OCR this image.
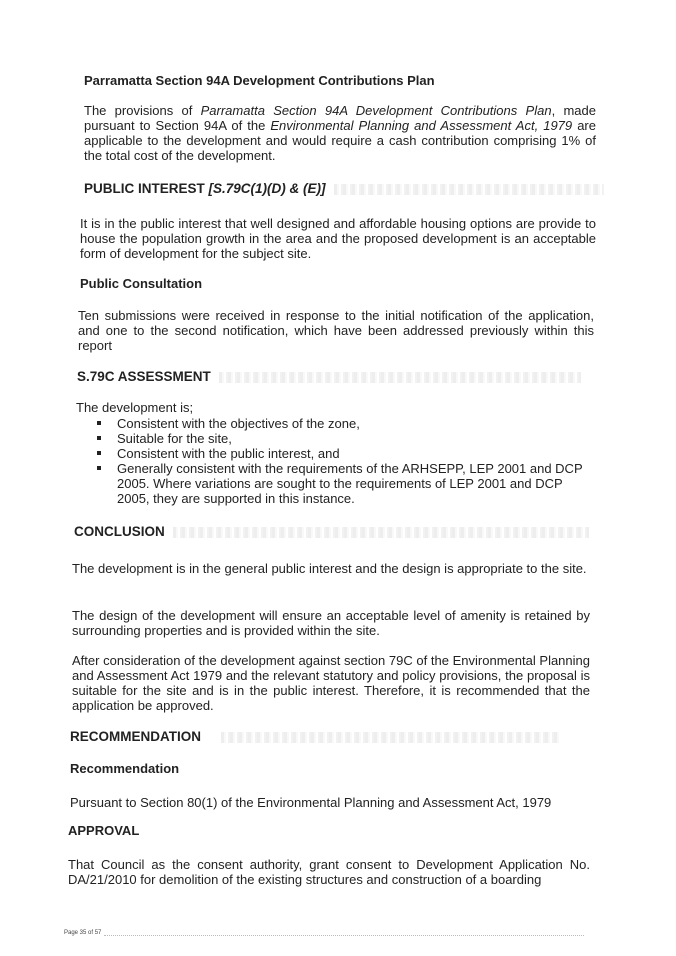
Parramatta Section 94A Development Contributions Plan

The provisions of Parramatta Section 94A Development Contributions Plan, made pursuant to Section 94A of the Environmental Planning and Assessment Act, 1979 are applicable to the development and would require a cash contribution comprising 1% of the total cost of the development.

PUBLIC INTEREST [S.79C(1)(D) & (E)]

It is in the public interest that well designed and affordable housing options are provide to house the population growth in the area and the proposed development is an acceptable form of development for the subject site.

Public Consultation

Ten submissions were received in response to the initial notification of the application, and one to the second notification, which have been addressed previously within this report

S.79C ASSESSMENT
The development is;
Consistent with the objectives of the zone,
Suitable for the site,
Consistent with the public interest, and
Generally consistent with the requirements of the ARHSEPP, LEP 2001 and DCP 2005. Where variations are sought to the requirements of LEP 2001 and DCP 2005, they are supported in this instance.
CONCLUSION

The development is in the general public interest and the design is appropriate to the site.

The design of the development will ensure an acceptable level of amenity is retained by surrounding properties and is provided within the site.

After consideration of the development against section 79C of the Environmental Planning and Assessment Act 1979 and the relevant statutory and policy provisions, the proposal is suitable for the site and is in the public interest. Therefore, it is recommended that the application be approved.

RECOMMENDATION
Recommendation

Pursuant to Section 80(1) of the Environmental Planning and Assessment Act, 1979

APPROVAL

That Council as the consent authority, grant consent to Development Application No. DA/21/2010 for demolition of the existing structures and construction of a boarding

Page 35 of 57
